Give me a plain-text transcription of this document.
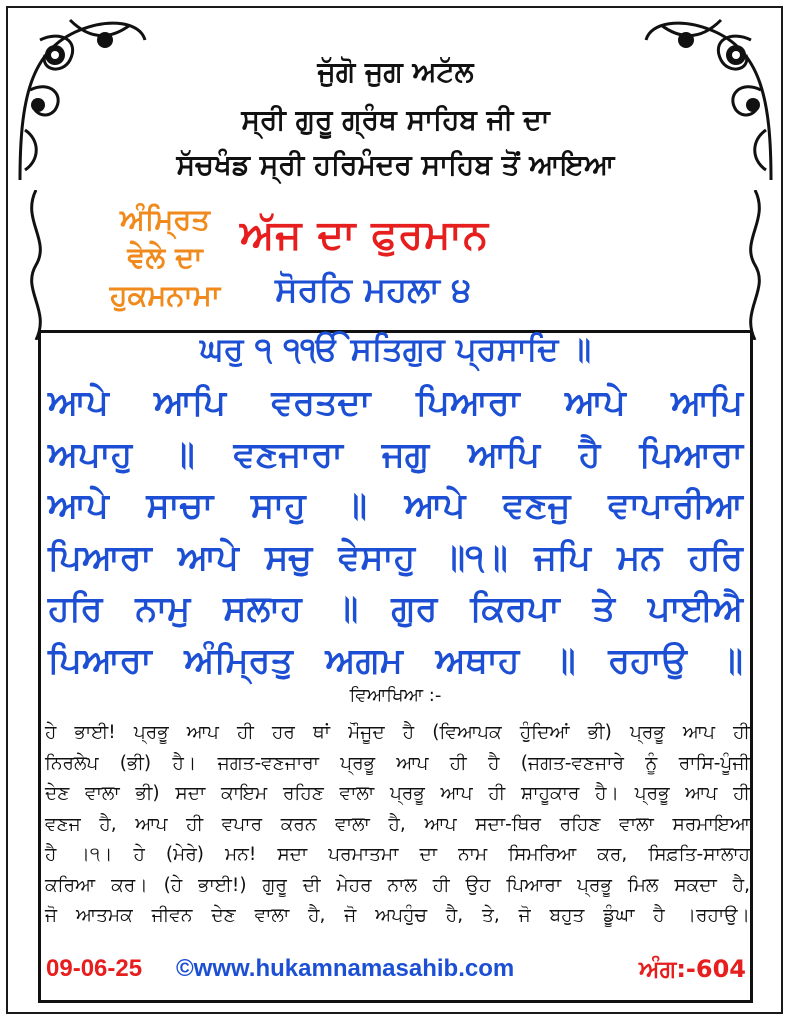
ਜੁੱਗੋ ਜੁਗ ਅਟੱਲ
ਸ੍ਰੀ ਗੁਰੂ ਗ੍ਰੰਥ ਸਾਹਿਬ ਜੀ ਦਾ
ਸੱਚਖੰਡ ਸ੍ਰੀ ਹਰਿਮੰਦਰ ਸਾਹਿਬ ਤੋਂ ਆਇਆ
ਅੰਮ੍ਰਿਤ
ਵੇਲੇ ਦਾ
ਹੁਕਮਨਾਮਾ
ਅੱਜ ਦਾ ਫੁਰਮਾਨ
ਸੋਰਠਿ ਮਹਲਾ ੪
ਘਰੁ ੧ ੧ੴ ਸਤਿਗੁਰ ਪ੍ਰਸਾਦਿ ॥
ਆਪੇ ਆਪਿ ਵਰਤਦਾ ਪਿਆਰਾ ਆਪੇ ਆਪਿ
ਅਪਾਹੁ ॥ ਵਣਜਾਰਾ ਜਗੁ ਆਪਿ ਹੈ ਪਿਆਰਾ
ਆਪੇ ਸਾਚਾ ਸਾਹੁ ॥ ਆਪੇ ਵਣਜੁ ਵਾਪਾਰੀਆ
ਪਿਆਰਾ ਆਪੇ ਸਚੁ ਵੇਸਾਹੁ ॥੧॥ ਜਪਿ ਮਨ ਹਰਿ
ਹਰਿ ਨਾਮੁ ਸਲਾਹ ॥ ਗੁਰ ਕਿਰਪਾ ਤੇ ਪਾਈਐ
ਪਿਆਰਾ ਅੰਮ੍ਰਿਤੁ ਅਗਮ ਅਥਾਹ ॥ ਰਹਾਉ ॥
ਵਿਆਖਿਆ :-
ਹੇ ਭਾਈ! ਪ੍ਰਭੂ ਆਪ ਹੀ ਹਰ ਥਾਂ ਮੌਜੂਦ ਹੈ (ਵਿਆਪਕ ਹੁੰਦਿਆਂ ਭੀ) ਪ੍ਰਭੂ ਆਪ ਹੀ
ਨਿਰਲੇਪ (ਭੀ) ਹੈ। ਜਗਤ-ਵਣਜਾਰਾ ਪ੍ਰਭੂ ਆਪ ਹੀ ਹੈ (ਜਗਤ-ਵਣਜਾਰੇ ਨੂੰ ਰਾਸਿ-ਪੂੰਜੀ
ਦੇਣ ਵਾਲਾ ਭੀ) ਸਦਾ ਕਾਇਮ ਰਹਿਣ ਵਾਲਾ ਪ੍ਰਭੂ ਆਪ ਹੀ ਸ਼ਾਹੂਕਾਰ ਹੈ। ਪ੍ਰਭੂ ਆਪ ਹੀ
ਵਣਜ ਹੈ, ਆਪ ਹੀ ਵਪਾਰ ਕਰਨ ਵਾਲਾ ਹੈ, ਆਪ ਸਦਾ-ਥਿਰ ਰਹਿਣ ਵਾਲਾ ਸਰਮਾਇਆ
ਹੈ ।੧। ਹੇ (ਮੇਰੇ) ਮਨ! ਸਦਾ ਪਰਮਾਤਮਾ ਦਾ ਨਾਮ ਸਿਮਰਿਆ ਕਰ, ਸਿਫ਼ਤਿ-ਸਾਲਾਹ
ਕਰਿਆ ਕਰ। (ਹੇ ਭਾਈ!) ਗੁਰੂ ਦੀ ਮੇਹਰ ਨਾਲ ਹੀ ਉਹ ਪਿਆਰਾ ਪ੍ਰਭੂ ਮਿਲ ਸਕਦਾ ਹੈ,
ਜੋ ਆਤਮਕ ਜੀਵਨ ਦੇਣ ਵਾਲਾ ਹੈ, ਜੋ ਅਪਹੁੰਚ ਹੈ, ਤੇ, ਜੋ ਬਹੁਤ ਡੂੰਘਾ ਹੈ ।ਰਹਾਉ।
09-06-25 ©www.hukamnamasahib.com	ਅੰਗ:-604
